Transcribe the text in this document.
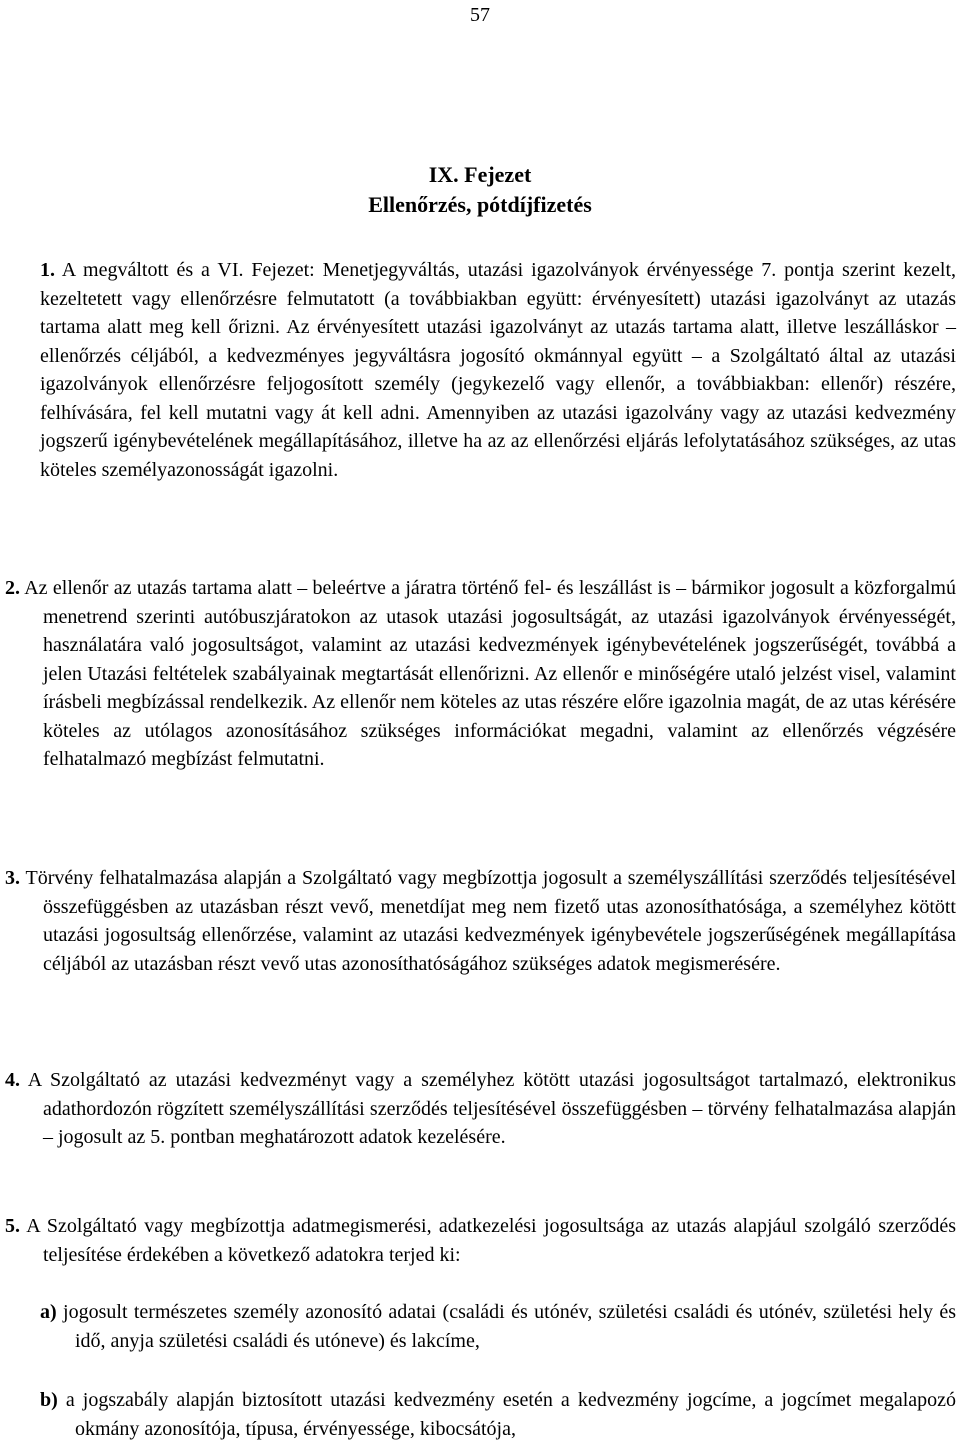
57
IX. Fejezet
Ellenőrzés, pótdíjfizetés
1. A megváltott és a VI. Fejezet: Menetjegyváltás, utazási igazolványok érvényessége 7. pontja szerint kezelt, kezeltetett vagy ellenőrzésre felmutatott (a továbbiakban együtt: érvényesített) utazási igazolványt az utazás tartama alatt meg kell őrizni. Az érvényesített utazási igazolványt az utazás tartama alatt, illetve leszálláskor – ellenőrzés céljából, a kedvezményes jegyváltásra jogosító okmánnyal együtt – a Szolgáltató által az utazási igazolványok ellenőrzésre feljogosított személy (jegykezelő vagy ellenőr, a továbbiakban: ellenőr) részére, felhívására, fel kell mutatni vagy át kell adni. Amennyiben az utazási igazolvány vagy az utazási kedvezmény jogszerű igénybevételének megállapításához, illetve ha az az ellenőrzési eljárás lefolytatásához szükséges, az utas köteles személyazonosságát igazolni.
2. Az ellenőr az utazás tartama alatt – beleértve a járatra történő fel- és leszállást is – bármikor jogosult a közforgalmú menetrend szerinti autóbuszjáratokon az utasok utazási jogosultságát, az utazási igazolványok érvényességét, használatára való jogosultságot, valamint az utazási kedvezmények igénybevételének jogszerűségét, továbbá a jelen Utazási feltételek szabályainak megtartását ellenőrizni. Az ellenőr e minőségére utaló jelzést visel, valamint írásbeli megbízással rendelkezik. Az ellenőr nem köteles az utas részére előre igazolnia magát, de az utas kérésére köteles az utólagos azonosításához szükséges információkat megadni, valamint az ellenőrzés végzésére felhatalmazó megbízást felmutatni.
3. Törvény felhatalmazása alapján a Szolgáltató vagy megbízottja jogosult a személyszállítási szerződés teljesítésével összefüggésben az utazásban részt vevő, menetdíjat meg nem fizető utas azonosíthatósága, a személyhez kötött utazási jogosultság ellenőrzése, valamint az utazási kedvezmények igénybevétele jogszerűségének megállapítása céljából az utazásban részt vevő utas azonosíthatóságához szükséges adatok megismerésére.
4. A Szolgáltató az utazási kedvezményt vagy a személyhez kötött utazási jogosultságot tartalmazó, elektronikus adathordozón rögzített személyszállítási szerződés teljesítésével összefüggésben – törvény felhatalmazása alapján – jogosult az 5. pontban meghatározott adatok kezelésére.
5. A Szolgáltató vagy megbízottja adatmegismerési, adatkezelési jogosultsága az utazás alapjául szolgáló szerződés teljesítése érdekében a következő adatokra terjed ki:
a) jogosult természetes személy azonosító adatai (családi és utónév, születési családi és utónév, születési hely és idő, anyja születési családi és utóneve) és lakcíme,
b) a jogszabály alapján biztosított utazási kedvezmény esetén a kedvezmény jogcíme, a jogcímet megalapozó okmány azonosítója, típusa, érvényessége, kibocsátója,
